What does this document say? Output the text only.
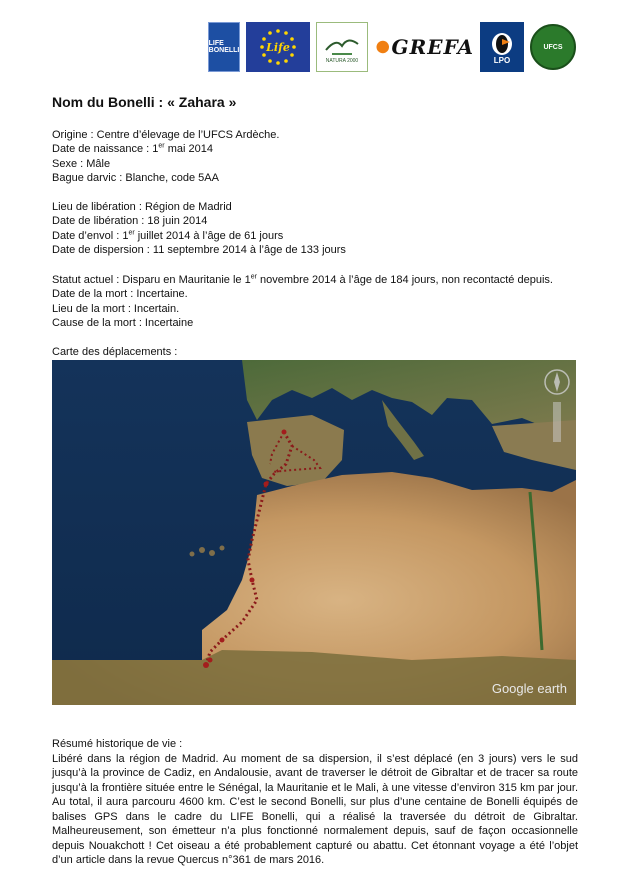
LIFE BONELLI Life
NATURA 2000
GREFA
LPO
UFCS
Nom du Bonelli : « Zahara »

Origine : Centre d’élevage de l’UFCS Ardèche.

Date de naissance : 1er mai 2014

Sexe : Mâle

Bague darvic : Blanche, code 5AA

Lieu de libération : Région de Madrid

Date de libération : 18 juin 2014

Date d’envol : 1er juillet 2014 à l’âge de 61 jours

Date de dispersion : 11 septembre 2014 à l’âge de 133 jours

Statut actuel : Disparu en Mauritanie le 1er novembre 2014 à l’âge de 184 jours, non recontacté depuis.

Date de la mort : Incertaine.

Lieu de la mort : Incertain.

Cause de la mort : Incertaine

Carte des déplacements :

Google earth

Résumé historique de vie :

Libéré dans la région de Madrid. Au moment de sa dispersion, il s’est déplacé (en 3 jours) vers le sud jusqu’à la province de Cadiz, en Andalousie, avant de traverser le détroit de Gibraltar et de tracer sa route jusqu’à la frontière située entre le Sénégal, la Mauritanie et le Mali, à une vitesse d’environ 315 km par jour. Au total, il aura parcouru 4600 km. C’est le second Bonelli, sur plus d’une centaine de Bonelli équipés de balises GPS dans le cadre du LIFE Bonelli, qui a réalisé la traversée du détroit de Gibraltar. Malheureusement, son émetteur n’a plus fonctionné normalement depuis, sauf de façon occasionnelle depuis Nouakchott ! Cet oiseau a été probablement capturé ou abattu. Cet étonnant voyage a été l’objet d’un article dans la revue Quercus n°361 de mars 2016.
